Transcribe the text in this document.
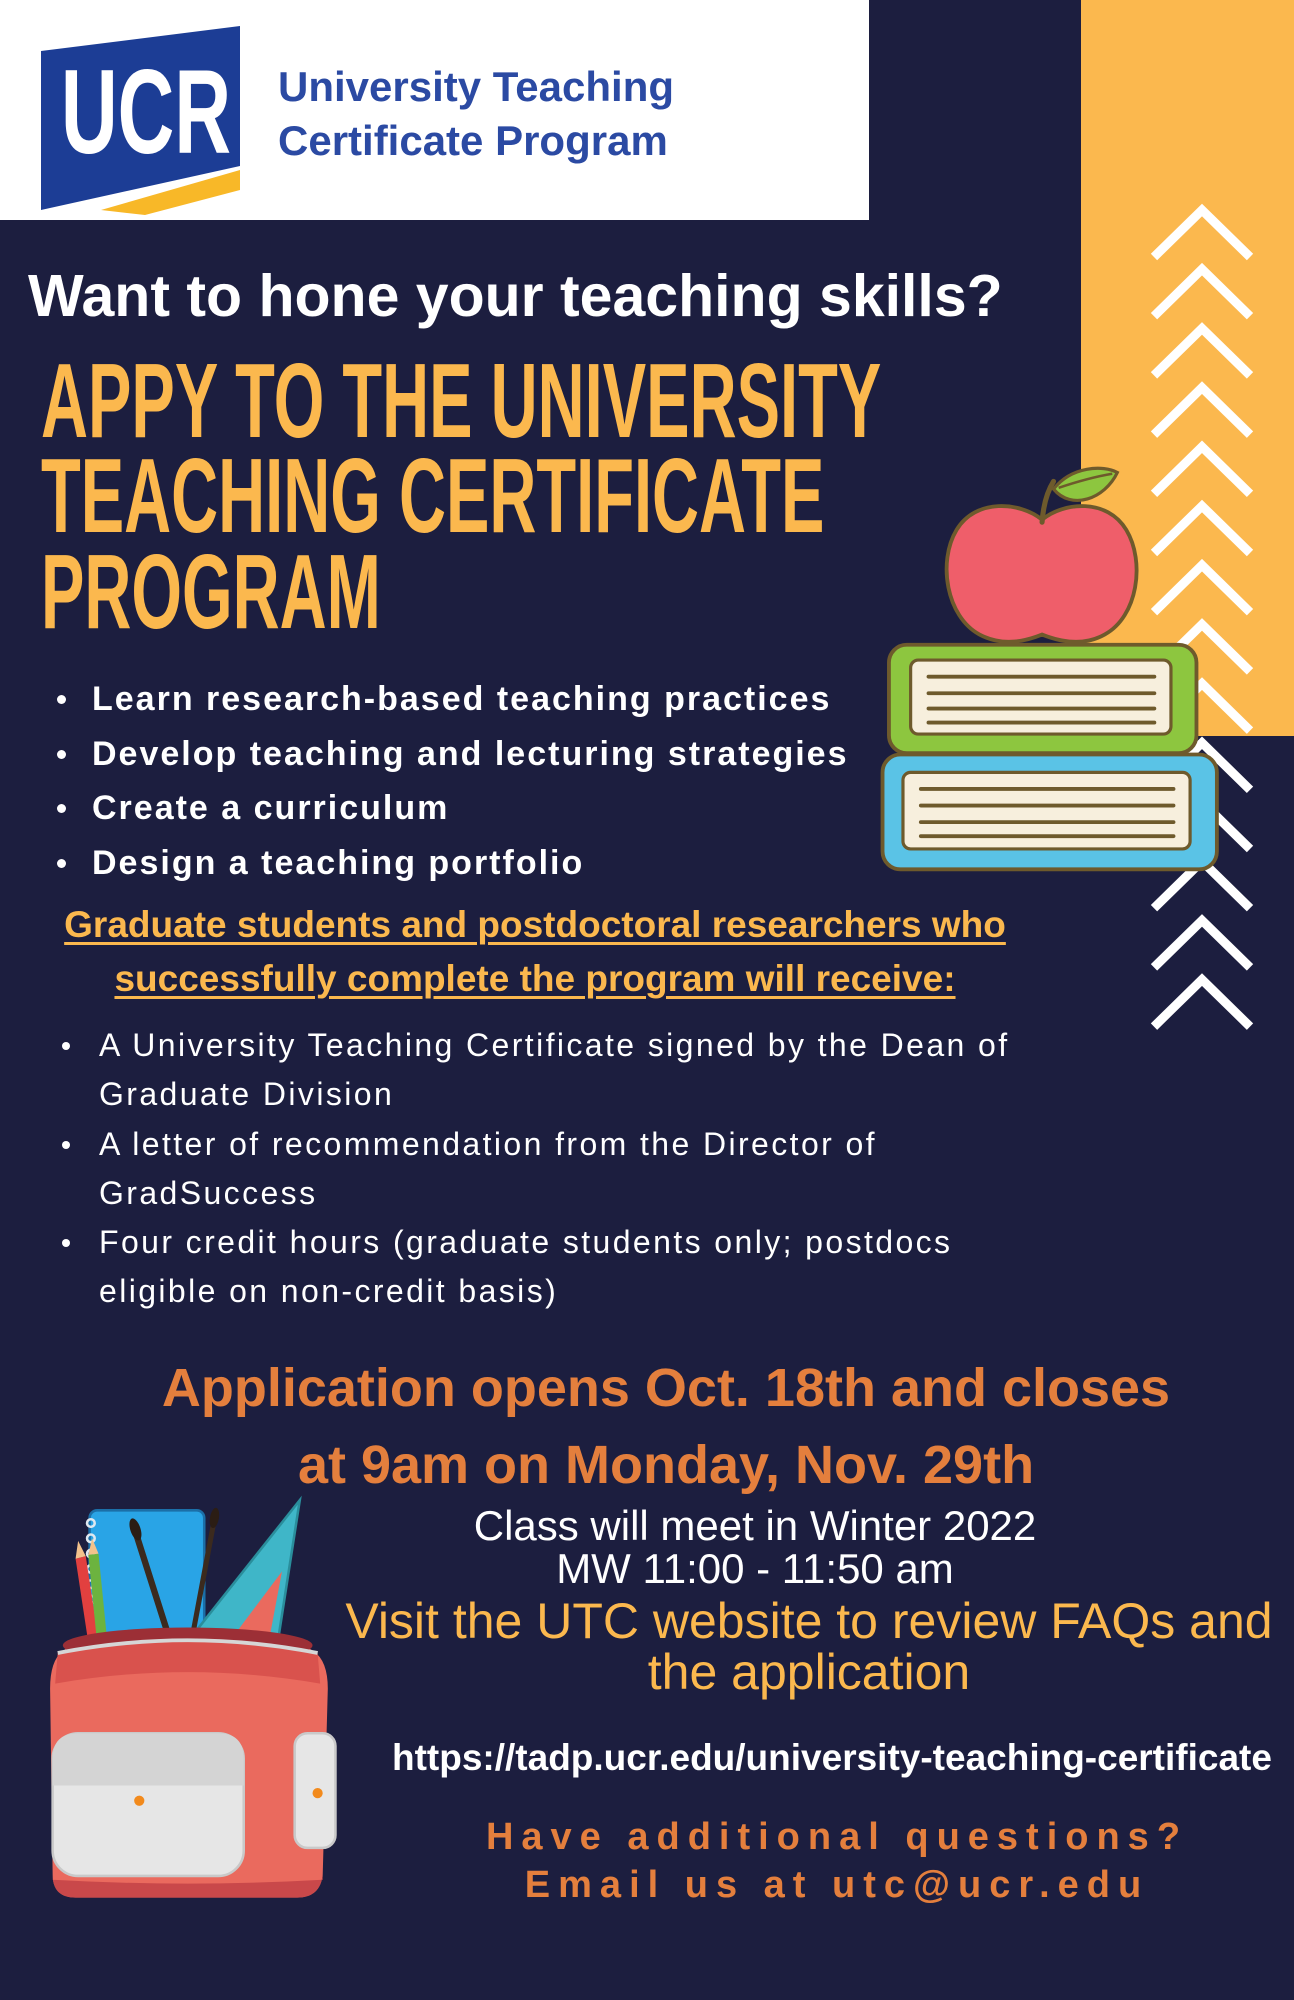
UCR University Teaching
Certificate Program
Want to hone your teaching skills?
APPY TO THE UNIVERSITY
TEACHING CERTIFICATE
PROGRAM
Learn research-based teaching practices
Develop teaching and lecturing strategies
Create a curriculum
Design a teaching portfolio
Graduate students and postdoctoral researchers who
successfully complete the program will receive:
A University Teaching Certificate signed by the Dean of Graduate Division
A letter of recommendation from the Director of GradSuccess
Four credit hours (graduate students only; postdocs eligible on non-credit basis)
Application opens Oct. 18th and closes
at 9am on Monday, Nov. 29th
Class will meet in Winter 2022
MW 11:00 - 11:50 am
Visit the UTC website to review FAQs and
the application
https://tadp.ucr.edu/university-teaching-certificate
Have additional questions?
Email us at utc@ucr.edu
